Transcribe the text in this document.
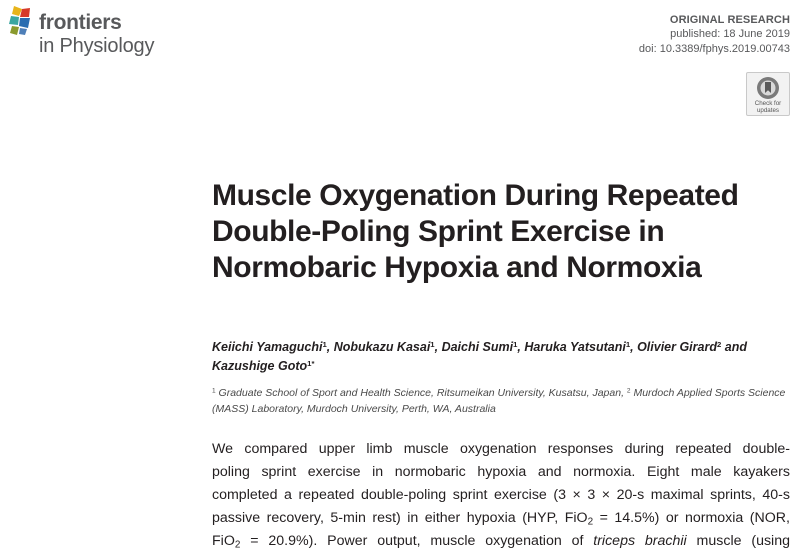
frontiers
in Physiology
ORIGINAL RESEARCH
published: 18 June 2019
doi: 10.3389/fphys.2019.00743
Check for
updates
Muscle Oxygenation During Repeated Double-Poling Sprint Exercise in Normobaric Hypoxia and Normoxia
Keiichi Yamaguchi$^1$, Nobukazu Kasai$^1$, Daichi Sumi$^1$, Haruka Yatsutani$^1$, Olivier Girard$^2$ and Kazushige Goto$^{1*}$
$^1$ Graduate School of Sport and Health Science, Ritsumeikan University, Kusatsu, Japan, $^2$ Murdoch Applied Sports Science (MASS) Laboratory, Murdoch University, Perth, WA, Australia
We compared upper limb muscle oxygenation responses during repeated double-
poling sprint exercise in normobaric hypoxia and normoxia. Eight male kayakers
completed a repeated double-poling sprint exercise (3 × 3 × 20-s maximal sprints, 40-s
passive recovery, 5-min rest) in either hypoxia (HYP, FiO$_2$ = 14.5%) or normoxia (NOR,
FiO$_2$ = 20.9%). Power output, muscle oxygenation of triceps brachii muscle (using
